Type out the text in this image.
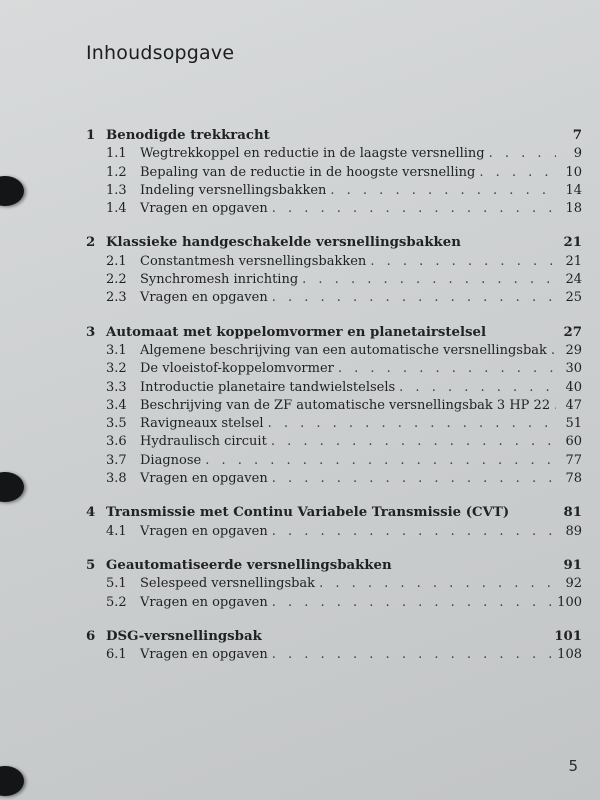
Inhoudsopgave
1 Benodigde trekkracht	7
1.1	Wegtrekkoppel en reductie in de laagste versnelling . . .	9
1.2	Bepaling van de reductie in de hoogste versnelling . . .	10
1.3	Indeling versnellingsbakken . . .	14
1.4	Vragen en opgaven . . .	18
2 Klassieke handgeschakelde versnellingsbakken	21
2.1	Constantmesh versnellingsbakken . . .	21
2.2	Synchromesh inrichting . . .	24
2.3	Vragen en opgaven . . .	25
3 Automaat met koppelomvormer en planetairstelsel	27
3.1	Algemene beschrijving van een automatische versnellingsbak . . .	29
3.2	De vloeistof-koppelomvormer . . .	30
3.3	Introductie planetaire tandwielstelsels . . .	40
3.4	Beschrijving van de ZF automatische versnellingsbak 3 HP 22 . . .	47
3.5	Ravigneaux stelsel . . .	51
3.6	Hydraulisch circuit . . .	60
3.7	Diagnose . . .	77
3.8	Vragen en opgaven . . .	78
4 Transmissie met Continu Variabele Transmissie (CVT)	81
4.1	Vragen en opgaven . . .	89
5 Geautomatiseerde versnellingsbakken	91
5.1	Selespeed versnellingsbak . . .	92
5.2	Vragen en opgaven . . .	100
6 DSG-versnellingsbak	101
6.1	Vragen en opgaven . . .	108
5
